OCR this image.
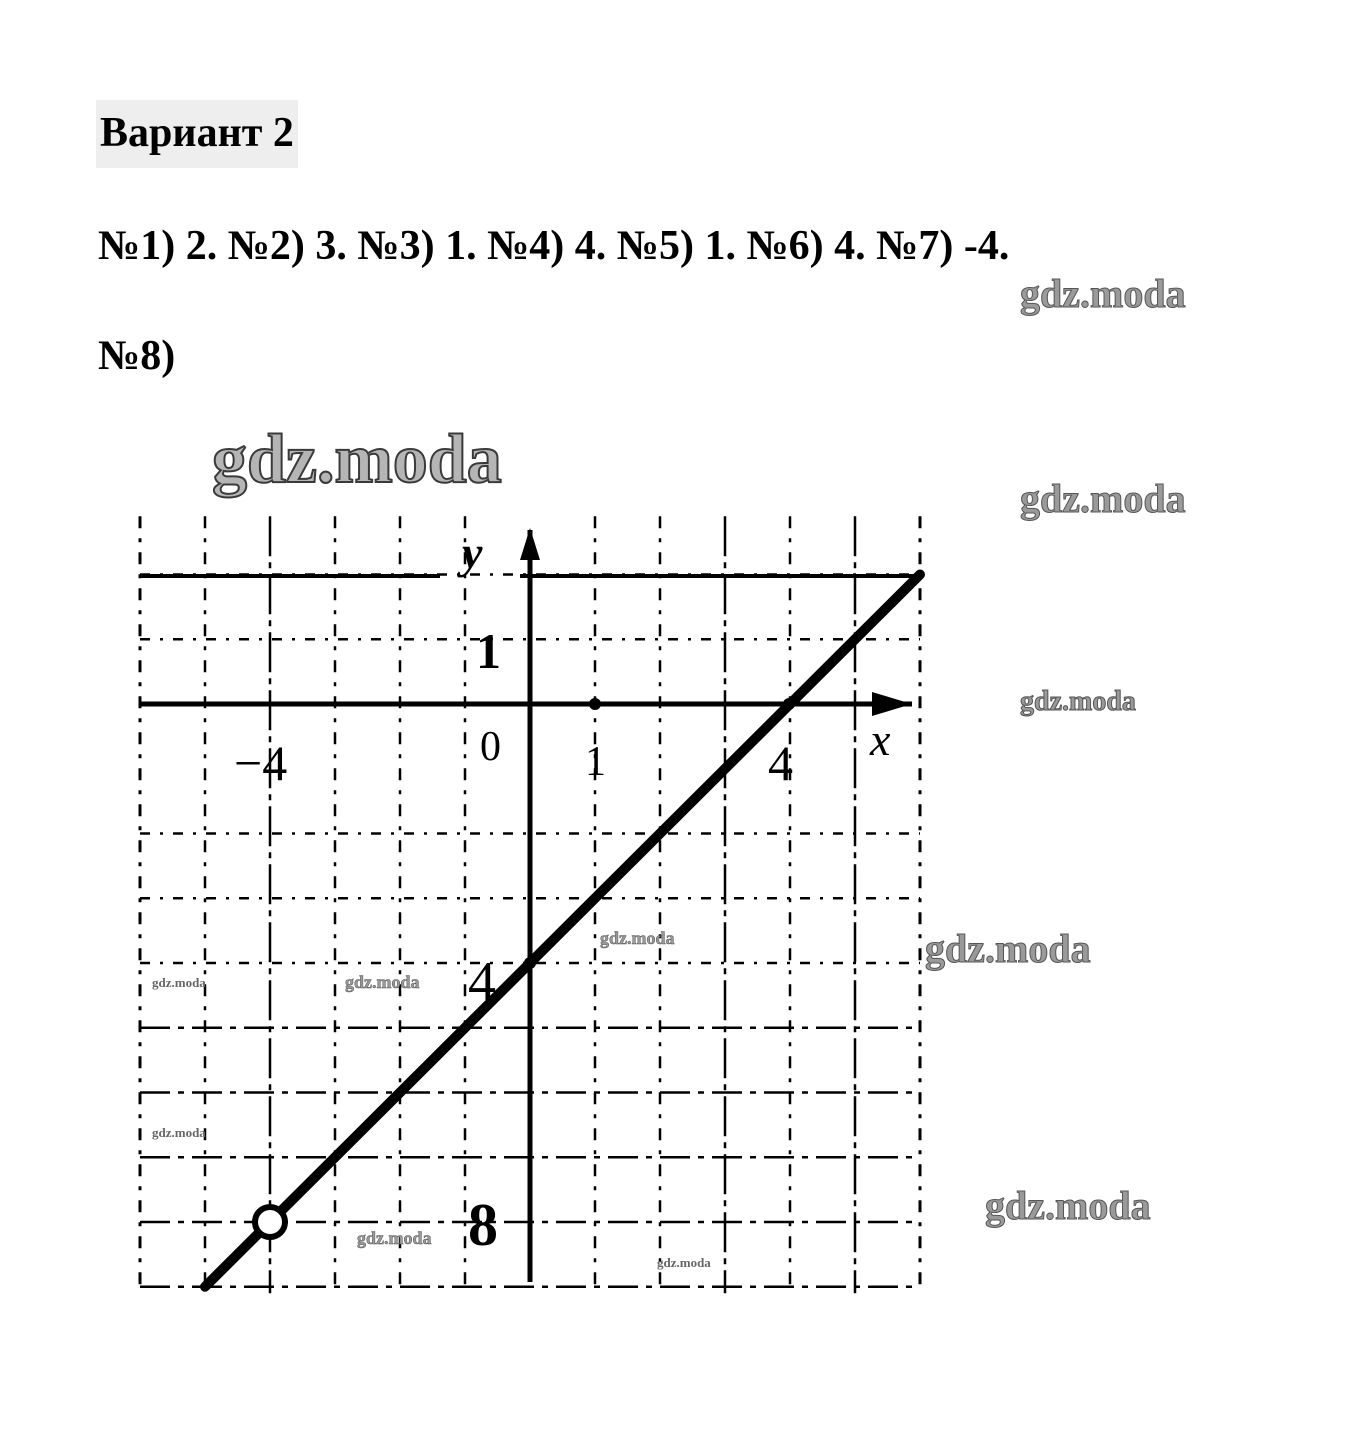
Вариант 2
№1) 2. №2) 3. №3) 1. №4) 4. №5) 1. №6) 4. №7) -4.
№8)
y
x
0
−4	1	4
1
4
8
gdz.moda
gdz.moda
gdz.moda
gdz.moda
gdz.moda	gdz.moda
gdz.moda	gdz.moda
gdz.moda
gdz.moda
gdz.moda
gdz.moda
